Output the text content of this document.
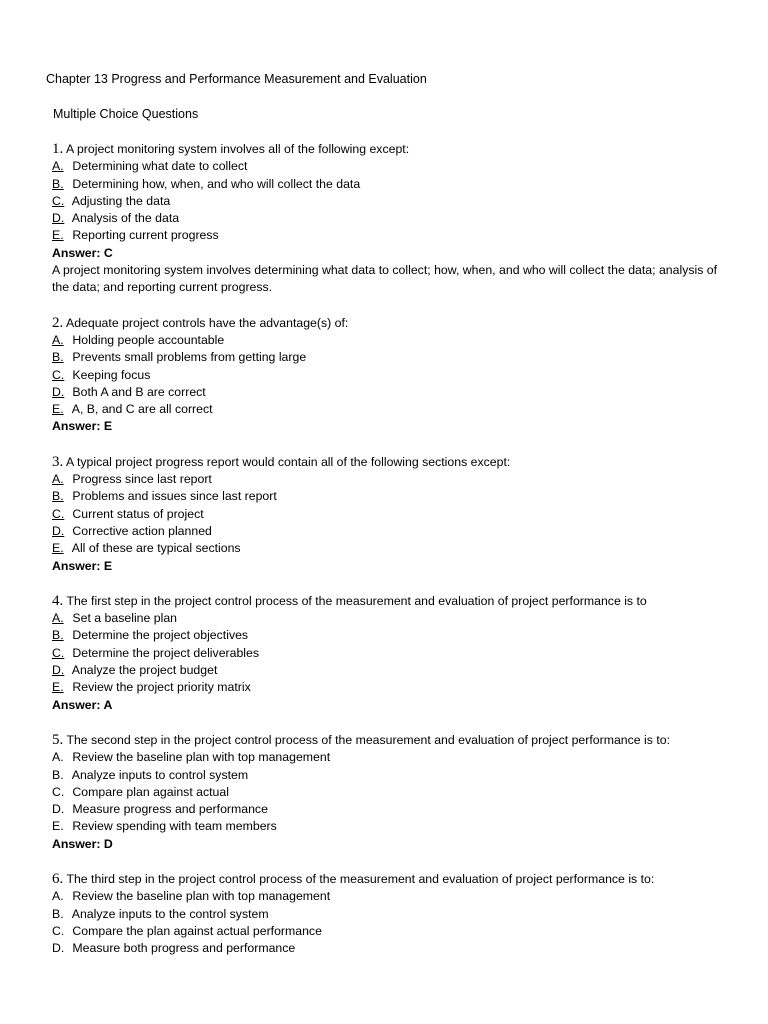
Chapter 13 Progress and Performance Measurement and Evaluation
Multiple Choice Questions
1. A project monitoring system involves all of the following except:
A. Determining what date to collect
B. Determining how, when, and who will collect the data
C. Adjusting the data
D. Analysis of the data
E. Reporting current progress
Answer: C
A project monitoring system involves determining what data to collect; how, when, and who will collect the data; analysis of the data; and reporting current progress.
2. Adequate project controls have the advantage(s) of:
A. Holding people accountable
B. Prevents small problems from getting large
C. Keeping focus
D. Both A and B are correct
E. A, B, and C are all correct
Answer: E
3. A typical project progress report would contain all of the following sections except:
A. Progress since last report
B. Problems and issues since last report
C. Current status of project
D. Corrective action planned
E. All of these are typical sections
Answer: E
4. The first step in the project control process of the measurement and evaluation of project performance is to
A. Set a baseline plan
B. Determine the project objectives
C. Determine the project deliverables
D. Analyze the project budget
E. Review the project priority matrix
Answer: A
5. The second step in the project control process of the measurement and evaluation of project performance is to:
A. Review the baseline plan with top management
B. Analyze inputs to control system
C. Compare plan against actual
D. Measure progress and performance
E. Review spending with team members
Answer: D
6. The third step in the project control process of the measurement and evaluation of project performance is to:
A. Review the baseline plan with top management
B. Analyze inputs to the control system
C. Compare the plan against actual performance
D. Measure both progress and performance
